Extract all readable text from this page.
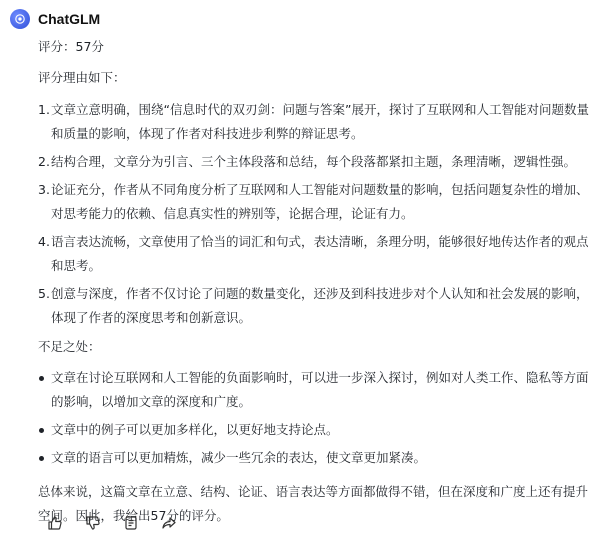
ChatGLM

评分：57分

评分理由如下：

1. 文章立意明确，围绕“信息时代的双刃剑：问题与答案”展开，探讨了互联网和人工智能对问题数量和质量的影响，体现了作者对科技进步利弊的辩证思考。
2. 结构合理，文章分为引言、三个主体段落和总结，每个段落都紧扣主题，条理清晰，逻辑性强。
3. 论证充分，作者从不同角度分析了互联网和人工智能对问题数量的影响，包括问题复杂性的增加、对思考能力的依赖、信息真实性的辨别等，论据合理，论证有力。
4. 语言表达流畅，文章使用了恰当的词汇和句式，表达清晰，条理分明，能够很好地传达作者的观点和思考。
5. 创意与深度，作者不仅讨论了问题的数量变化，还涉及到科技进步对个人认知和社会发展的影响，体现了作者的深度思考和创新意识。

不足之处：

文章在讨论互联网和人工智能的负面影响时，可以进一步深入探讨，例如对人类工作、隐私等方面的影响，以增加文章的深度和广度。
文章中的例子可以更加多样化，以更好地支持论点。
文章的语言可以更加精炼，减少一些冗余的表达，使文章更加紧凑。

总体来说，这篇文章在立意、结构、论证、语言表达等方面都做得不错，但在深度和广度上还有提升空间。因此，我给出57分的评分。
